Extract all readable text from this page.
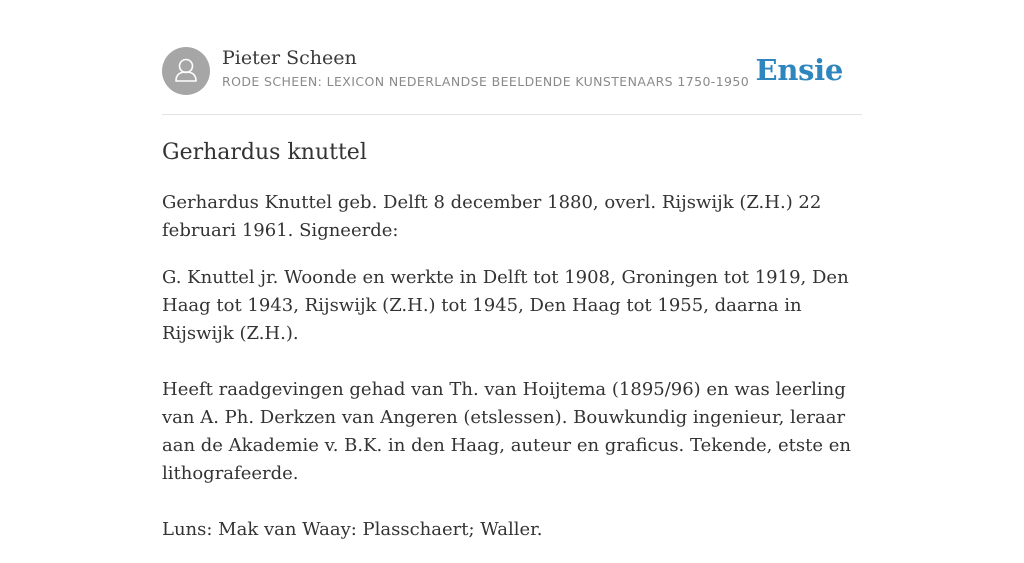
Pieter Scheen
RODE SCHEEN: LEXICON NEDERLANDSE BEELDENDE KUNSTENAARS 1750-1950 Ensie
Gerhardus knuttel

Gerhardus Knuttel geb. Delft 8 december 1880, overl. Rijswijk (Z.H.) 22 februari 1961. Signeerde:

G. Knuttel jr. Woonde en werkte in Delft tot 1908, Groningen tot 1919, Den Haag tot 1943, Rijswijk (Z.H.) tot 1945, Den Haag tot 1955, daarna in Rijswijk (Z.H.).

Heeft raadgevingen gehad van Th. van Hoijtema (1895/96) en was leerling van A. Ph. Derkzen van Angeren (etslessen). Bouwkundig ingenieur, leraar aan de Akademie v. B.K. in den Haag, auteur en graficus. Tekende, etste en lithografeerde.

Luns: Mak van Waay: Plasschaert; Waller.
